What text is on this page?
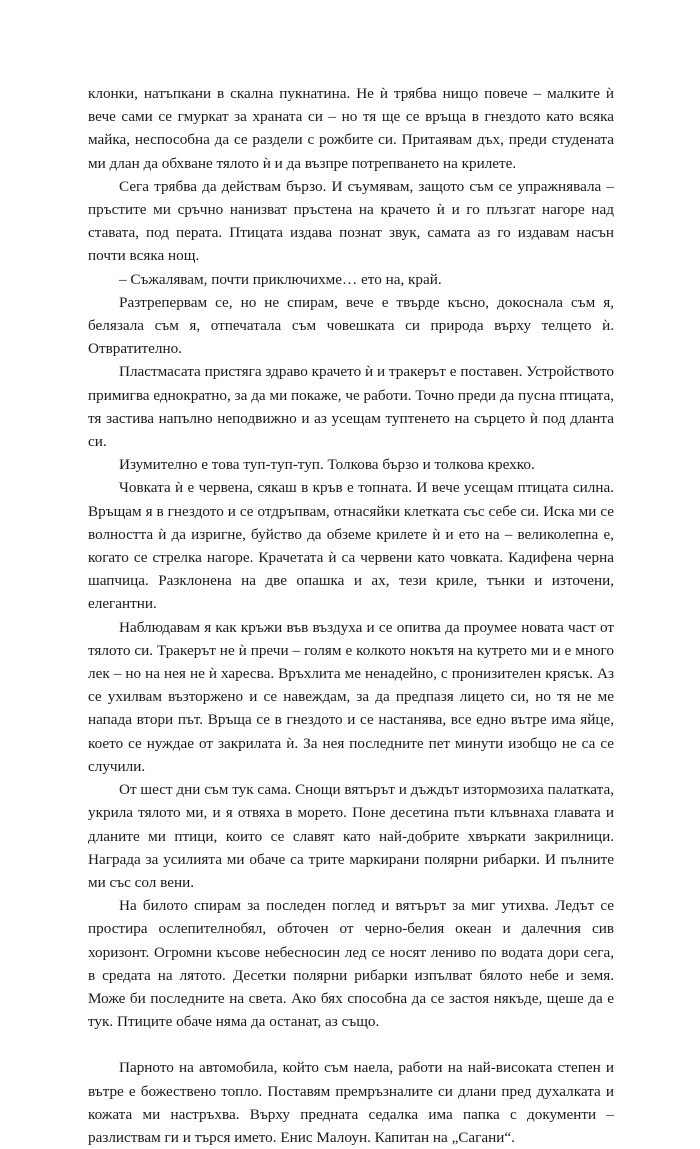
клонки, натъпкани в скална пукнатина. Не ѝ трябва нищо повече – малките ѝ вече сами се гмуркат за храната си – но тя ще се връща в гнездото като всяка майка, неспособна да се раздели с рожбите си. Притаявам дъх, преди студената ми длан да обхване тялото ѝ и да възпре потрепването на крилете.

Сега трябва да действам бързо. И съумявам, защото съм се упражнявала – пръстите ми сръчно нанизват пръстена на крачето ѝ и го плъзгат нагоре над ставата, под перата. Птицата издава познат звук, самата аз го издавам насън почти всяка нощ.

– Съжалявам, почти приключихме… ето на, край.

Разтрепервам се, но не спирам, вече е твърде късно, докоснала съм я, белязала съм я, отпечатала съм човешката си природа върху телцето ѝ. Отвратително.

Пластмасата пристяга здраво крачето ѝ и тракерът е поставен. Устройството примигва еднократно, за да ми покаже, че работи. Точно преди да пусна птицата, тя застива напълно неподвижно и аз усещам туптенето на сърцето ѝ под дланта си.

Изумително е това туп-туп-туп. Толкова бързо и толкова крехко.

Човката ѝ е червена, сякаш в кръв е топната. И вече усещам птицата силна. Връщам я в гнездото и се отдръпвам, отнасяйки клетката със себе си. Иска ми се волността ѝ да изригне, буйство да обземе крилете ѝ и ето на – великолепна е, когато се стрелка нагоре. Крачетата ѝ са червени като човката. Кадифена черна шапчица. Разклонена на две опашка и ах, тези криле, тънки и източени, елегантни.

Наблюдавам я как кръжи във въздуха и се опитва да проумее новата част от тялото си. Тракерът не ѝ пречи – голям е колкото нокътя на кутрето ми и е много лек – но на нея не ѝ харесва. Връхлита ме ненадейно, с пронизителен крясък. Аз се ухилвам възторжено и се навеждам, за да предпазя лицето си, но тя не ме напада втори път. Връща се в гнездото и се настанява, все едно вътре има яйце, което се нуждае от закрилата ѝ. За нея последните пет минути изобщо не са се случили.

От шест дни съм тук сама. Снощи вятърът и дъждът изтормозиха палатката, укрила тялото ми, и я отвяха в морето. Поне десетина пъти клъвнаха главата и дланите ми птици, които се славят като най-добрите хвъркати закрилници. Награда за усилията ми обаче са трите маркирани полярни рибарки. И пълните ми със сол вени.

На билото спирам за последен поглед и вятърът за миг утихва. Ледът се простира ослепителнобял, обточен от черно-белия океан и далечния сив хоризонт. Огромни късове небесносин лед се носят лениво по водата дори сега, в средата на лятото. Десетки полярни рибарки изпълват бялото небе и земя. Може би последните на света. Ако бях способна да се застоя някъде, щеше да е тук. Птиците обаче няма да останат, аз също.

Парното на автомобила, който съм наела, работи на най-високата степен и вътре е божествено топло. Поставям премръзналите си длани пред духалката и кожата ми настръхва. Върху предната седалка има папка с документи – разлиствам ги и търся името. Енис Малоун. Капитан на „Сагани“.
